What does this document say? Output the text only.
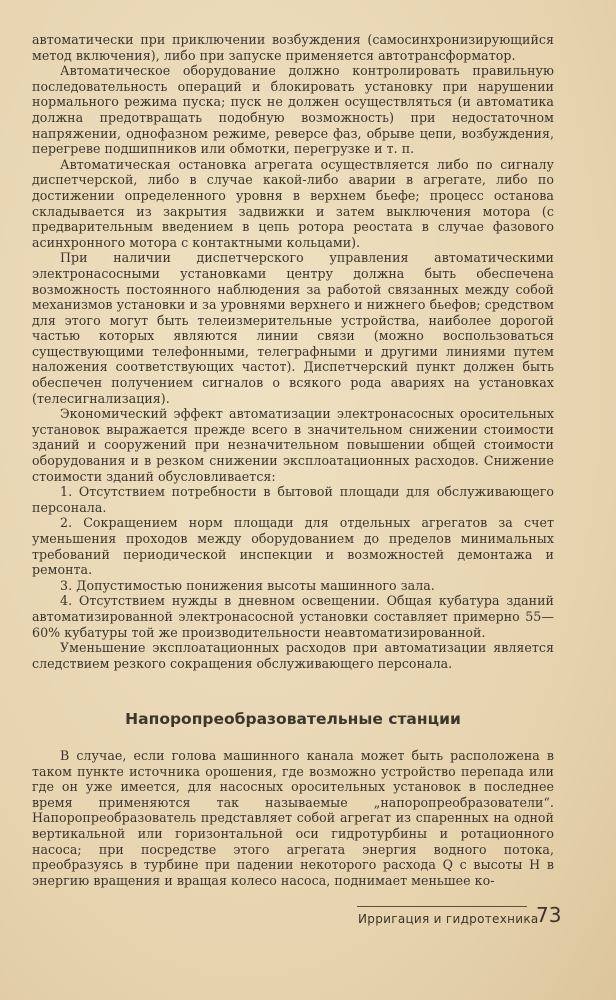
автоматически при приключении возбуждения (самосинхронизирующийся метод включения), либо при запуске применяется автотрансформатор.

Автоматическое оборудование должно контролировать правильную последовательность операций и блокировать установку при нарушении нормального режима пуска; пуск не должен осуществляться (и автоматика должна предотвращать подобную возможность) при недостаточном напряжении, однофазном режиме, реверсе фаз, обрыве цепи, возбуждения, перегреве подшипников или обмотки, перегрузке и т. п.

Автоматическая остановка агрегата осуществляется либо по сигналу диспетчерской, либо в случае какой-либо аварии в агрегате, либо по достижении определенного уровня в верхнем бьефе; процесс останова складывается из закрытия задвижки и затем выключения мотора (с предварительным введением в цепь ротора реостата в случае фазового асинхронного мотора с контактными кольцами).

При наличии диспетчерского управления автоматическими электронасосными установками центру должна быть обеспечена возможность постоянного наблюдения за работой связанных между собой механизмов установки и за уровнями верхнего и нижнего бьефов; средством для этого могут быть телеизмерительные устройства, наиболее дорогой частью которых являются линии связи (можно воспользоваться существующими телефонными, телеграфными и другими линиями путем наложения соответствующих частот). Диспетчерский пункт должен быть обеспечен получением сигналов о всякого рода авариях на установках (телесигнализация).

Экономический эффект автоматизации электронасосных оросительных установок выражается прежде всего в значительном снижении стоимости зданий и сооружений при незначительном повышении общей стоимости оборудования и в резком снижении эксплоатационных расходов. Снижение стоимости зданий обусловливается:

1. Отсутствием потребности в бытовой площади для обслуживающего персонала.

2. Сокращением норм площади для отдельных агрегатов за счет уменьшения проходов между оборудованием до пределов минимальных требований периодической инспекции и возможностей демонтажа и ремонта.

3. Допустимостью понижения высоты машинного зала.

4. Отсутствием нужды в дневном освещении. Общая кубатура зданий автоматизированной электронасосной установки составляет примерно 55—60% кубатуры той же производительности неавтоматизированной.

Уменьшение эксплоатационных расходов при автоматизации является следствием резкого сокращения обслуживающего персонала.

Напоропреобразовательные станции

В случае, если голова машинного канала может быть расположена в таком пункте источника орошения, где возможно устройство перепада или где он уже имеется, для насосных оросительных установок в последнее время применяются так называемые „напоропреобразователи“. Напоропреобразователь представляет собой агрегат из спаренных на одной вертикальной или горизонтальной оси гидротурбины и ротационного насоса; при посредстве этого агрегата энергия водного потока, преобразуясь в турбине при падении некоторого расхода Q с высоты H в энергию вращения и вращая колесо насоса, поднимает меньшее ко-

Ирригация и гидротехника
73
